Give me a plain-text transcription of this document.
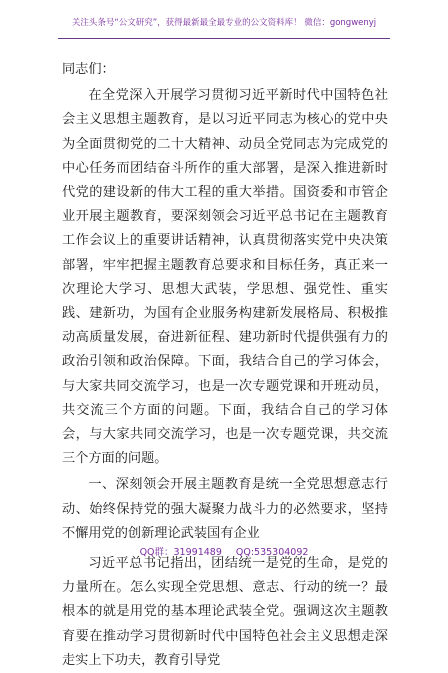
关注头条号“公文研究”，获得最新最全最专业的公文资料库！ 微信：gongwenyj

同志们：

在全党深入开展学习贯彻习近平新时代中国特色社会主义思想主题教育，是以习近平同志为核心的党中央为全面贯彻党的二十大精神、动员全党同志为完成党的中心任务而团结奋斗所作的重大部署，是深入推进新时代党的建设新的伟大工程的重大举措。国资委和市管企业开展主题教育，要深刻领会习近平总书记在主题教育工作会议上的重要讲话精神，认真贯彻落实党中央决策部署，牢牢把握主题教育总要求和目标任务，真正来一次理论大学习、思想大武装，学思想、强党性、重实践、建新功，为国有企业服务构建新发展格局、积极推动高质量发展，奋进新征程、建功新时代提供强有力的政治引领和政治保障。下面，我结合自己的学习体会，与大家共同交流学习，也是一次专题党课和开班动员，共交流三个方面的问题。下面，我结合自己的学习体会，与大家共同交流学习，也是一次专题党课，共交流三个方面的问题。

一、深刻领会开展主题教育是统一全党思想意志行动、始终保持党的强大凝聚力战斗力的必然要求，坚持不懈用党的创新理论武装国有企业

习近平总书记指出，团结统一是党的生命，是党的力量所在。怎么实现全党思想、意志、行动的统一？最根本的就是用党的基本理论武装全党。强调这次主题教育要在推动学习贯彻新时代中国特色社会主义思想走深走实上下功夫，教育引导党

QQ群：31991489 QQ:535304092
